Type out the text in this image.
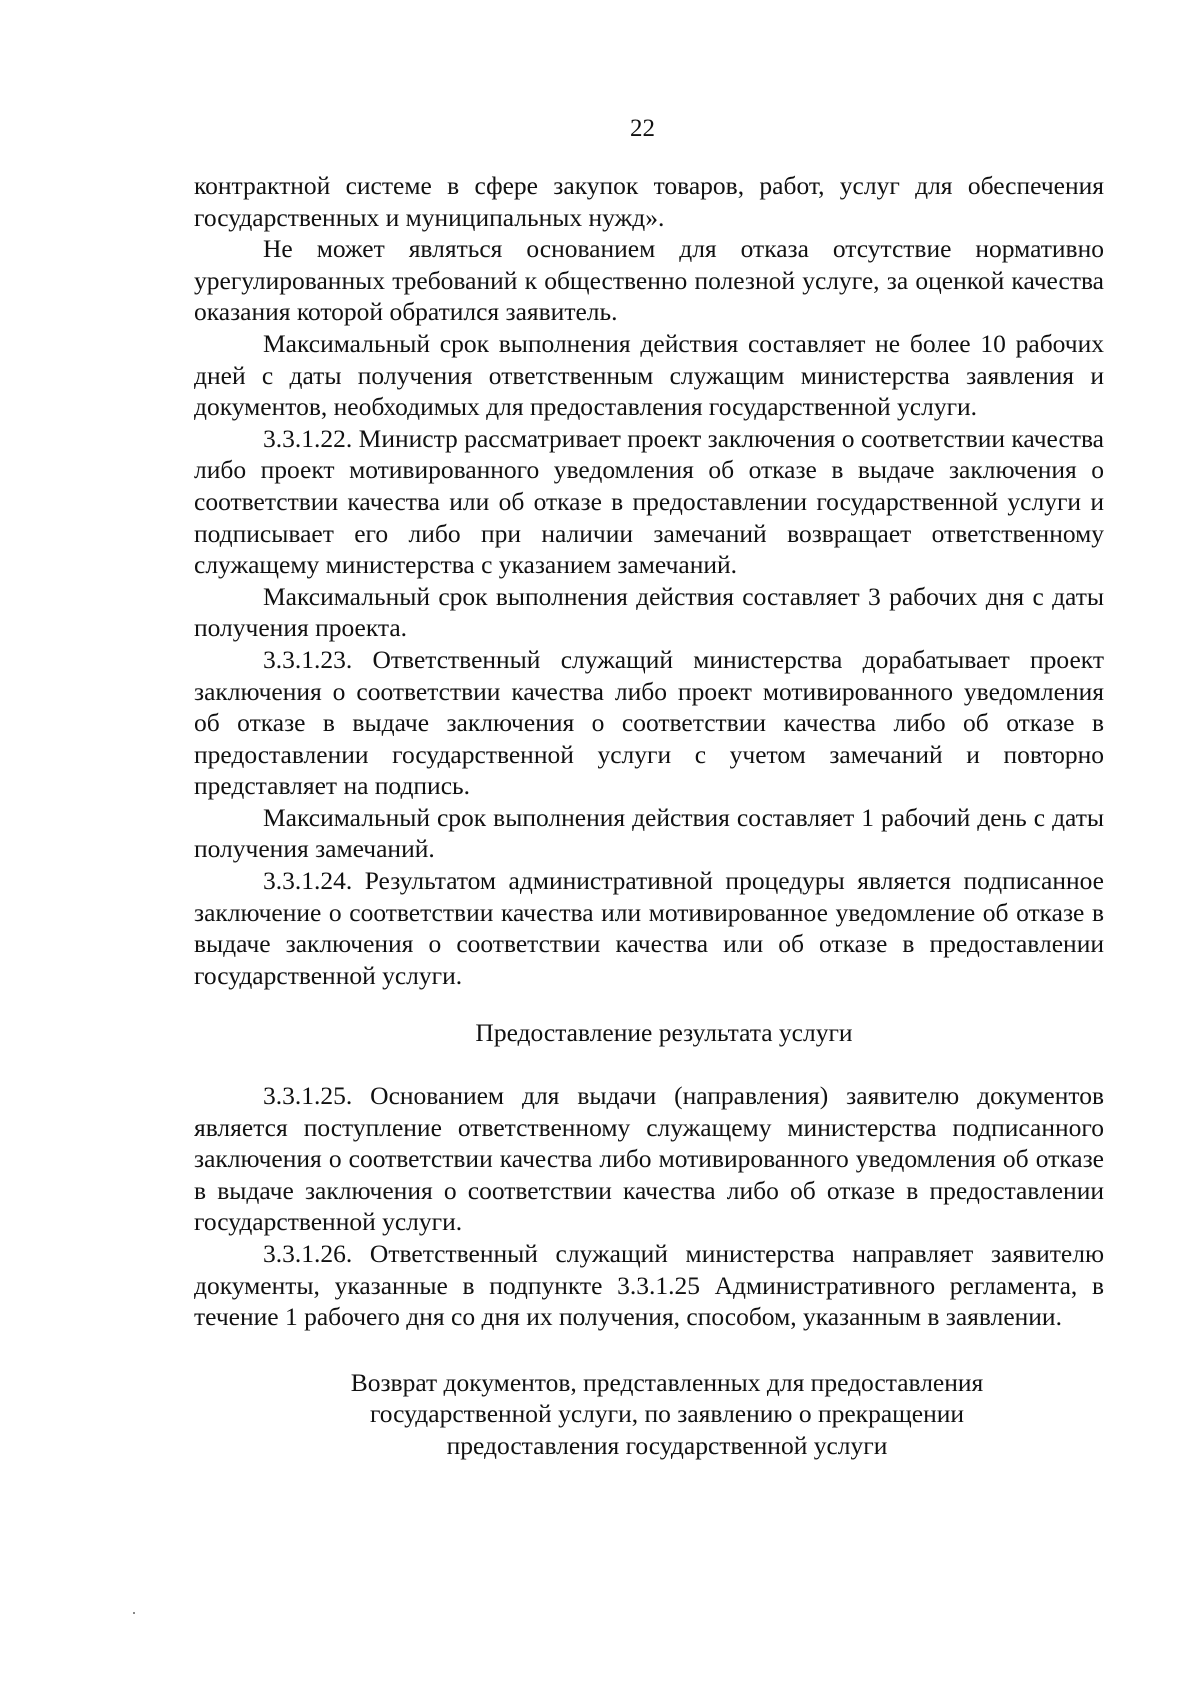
22

контрактной системе в сфере закупок товаров, работ, услуг для обеспечения государственных и муниципальных нужд».

Не может являться основанием для отказа отсутствие нормативно урегулированных требований к общественно полезной услуге, за оценкой качества оказания которой обратился заявитель.

Максимальный срок выполнения действия составляет не более 10 рабочих дней с даты получения ответственным служащим министерства заявления и документов, необходимых для предоставления государственной услуги.

3.3.1.22. Министр рассматривает проект заключения о соответствии качества либо проект мотивированного уведомления об отказе в выдаче заключения о соответствии качества или об отказе в предоставлении государственной услуги и подписывает его либо при наличии замечаний возвращает ответственному служащему министерства с указанием замечаний.

Максимальный срок выполнения действия составляет 3 рабочих дня с даты получения проекта.

3.3.1.23. Ответственный служащий министерства дорабатывает проект заключения о соответствии качества либо проект мотивированного уведомления об отказе в выдаче заключения о соответствии качества либо об отказе в предоставлении государственной услуги с учетом замечаний и повторно представляет на подпись.

Максимальный срок выполнения действия составляет 1 рабочий день с даты получения замечаний.

3.3.1.24. Результатом административной процедуры является подписанное заключение о соответствии качества или мотивированное уведомление об отказе в выдаче заключения о соответствии качества или об отказе в предоставлении государственной услуги.

Предоставление результата услуги

3.3.1.25. Основанием для выдачи (направления) заявителю документов является поступление ответственному служащему министерства подписанного заключения о соответствии качества либо мотивированного уведомления об отказе в выдаче заключения о соответствии качества либо об отказе в предоставлении государственной услуги.

3.3.1.26. Ответственный служащий министерства направляет заявителю документы, указанные в подпункте 3.3.1.25 Административного регламента, в течение 1 рабочего дня со дня их получения, способом, указанным в заявлении.

Возврат документов, представленных для предоставления
государственной услуги, по заявлению о прекращении
предоставления государственной услуги
